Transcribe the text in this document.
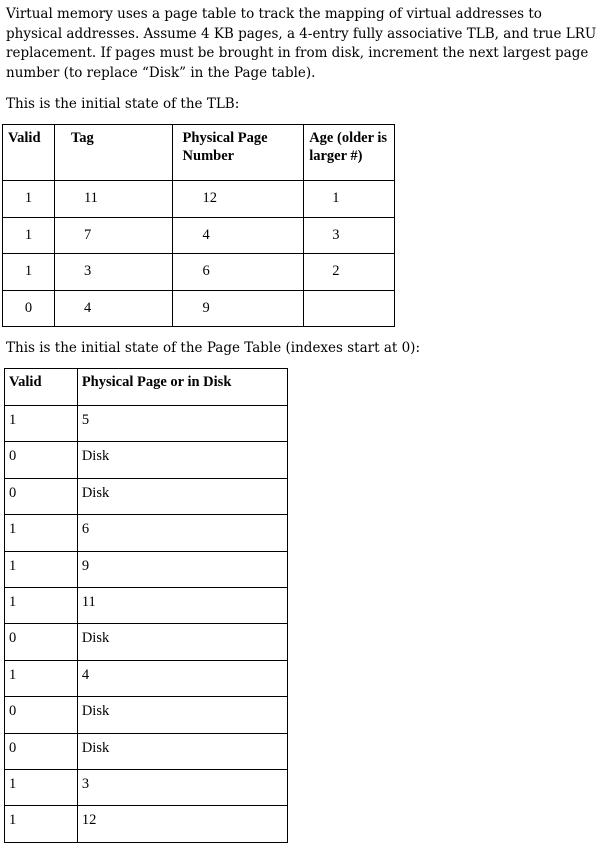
Virtual memory uses a page table to track the mapping of virtual addresses to physical addresses. Assume 4 KB pages, a 4-entry fully associative TLB, and true LRU replacement. If pages must be brought in from disk, increment the next largest page number (to replace “Disk” in the Page table).

This is the initial state of the TLB:

Valid	Tag	Physical Page Number	Age (older is larger #)
1	11	12	1
1	7	4	3
1	3	6	2
0	4	9	

This is the initial state of the Page Table (indexes start at 0):

Valid	Physical Page or in Disk
1	5
0	Disk
0	Disk
1	6
1	9
1	11
0	Disk
1	4
0	Disk
0	Disk
1	3
1	12
